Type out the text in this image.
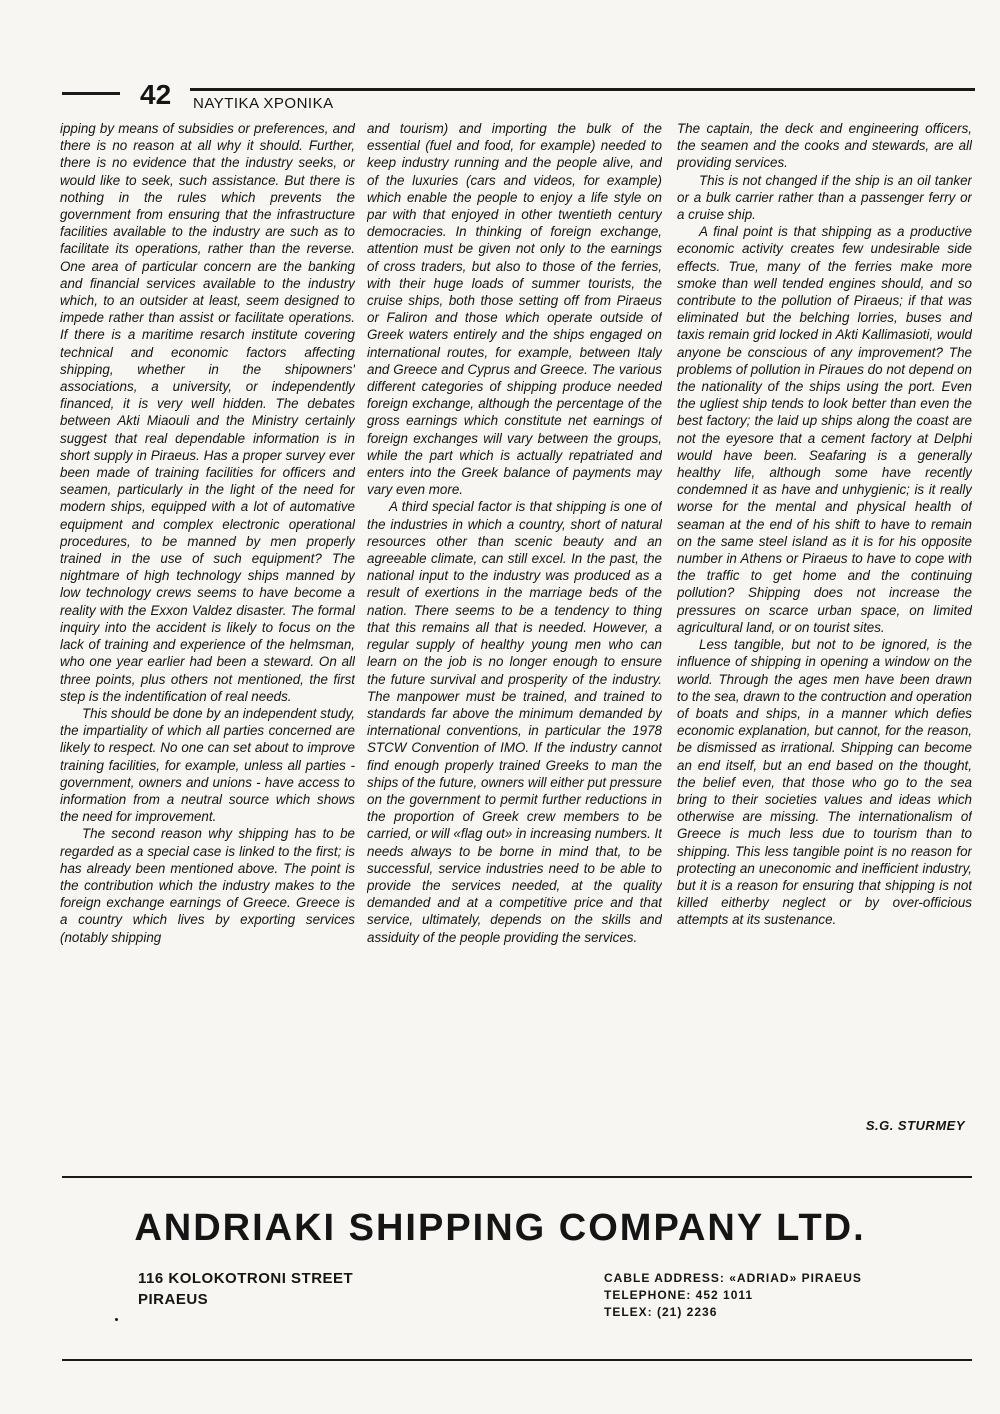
42 ΝΑΥΤΙΚΑ ΧΡΟΝΙΚΑ

ipping by means of subsidies or preferences, and there is no reason at all why it should. Further, there is no evidence that the industry seeks, or would like to seek, such assistance. But there is nothing in the rules which prevents the government from ensuring that the infrastructure facilities available to the industry are such as to facilitate its operations, rather than the reverse. One area of particular concern are the banking and financial services available to the industry which, to an outsider at least, seem designed to impede rather than assist or facilitate operations. If there is a maritime resarch institute covering technical and economic factors affecting shipping, whether in the shipowners' associations, a university, or independently financed, it is very well hidden. The debates between Akti Miaouli and the Ministry certainly suggest that real dependable information is in short supply in Piraeus. Has a proper survey ever been made of training facilities for officers and seamen, particularly in the light of the need for modern ships, equipped with a lot of automative equipment and complex electronic operational procedures, to be manned by men properly trained in the use of such equipment? The nightmare of high technology ships manned by low technology crews seems to have become a reality with the Exxon Valdez disaster. The formal inquiry into the accident is likely to focus on the lack of training and experience of the helmsman, who one year earlier had been a steward. On all three points, plus others not mentioned, the first step is the indentification of real needs.

This should be done by an independent study, the impartiality of which all parties concerned are likely to respect. No one can set about to improve training facilities, for example, unless all parties - government, owners and unions - have access to information from a neutral source which shows the need for improvement.

The second reason why shipping has to be regarded as a special case is linked to the first; is has already been mentioned above. The point is the contribution which the industry makes to the foreign exchange earnings of Greece. Greece is a country which lives by exporting services (notably shipping

and tourism) and importing the bulk of the essential (fuel and food, for example) needed to keep industry running and the people alive, and of the luxuries (cars and videos, for example) which enable the people to enjoy a life style on par with that enjoyed in other twentieth century democracies. In thinking of foreign exchange, attention must be given not only to the earnings of cross traders, but also to those of the ferries, with their huge loads of summer tourists, the cruise ships, both those setting off from Piraeus or Faliron and those which operate outside of Greek waters entirely and the ships engaged on international routes, for example, between Italy and Greece and Cyprus and Greece. The various different categories of shipping produce needed foreign exchange, although the percentage of the gross earnings which constitute net earnings of foreign exchanges will vary between the groups, while the part which is actually repatriated and enters into the Greek balance of payments may vary even more.

A third special factor is that shipping is one of the industries in which a country, short of natural resources other than scenic beauty and an agreeable climate, can still excel. In the past, the national input to the industry was produced as a result of exertions in the marriage beds of the nation. There seems to be a tendency to thing that this remains all that is needed. However, a regular supply of healthy young men who can learn on the job is no longer enough to ensure the future survival and prosperity of the industry. The manpower must be trained, and trained to standards far above the minimum demanded by international conventions, in particular the 1978 STCW Convention of IMO. If the industry cannot find enough properly trained Greeks to man the ships of the future, owners will either put pressure on the government to permit further reductions in the proportion of Greek crew members to be carried, or will «flag out» in increasing numbers. It needs always to be borne in mind that, to be successful, service industries need to be able to provide the services needed, at the quality demanded and at a competitive price and that service, ultimately, depends on the skills and assiduity of the people providing the services.

The captain, the deck and engineering officers, the seamen and the cooks and stewards, are all providing services.

This is not changed if the ship is an oil tanker or a bulk carrier rather than a passenger ferry or a cruise ship.

A final point is that shipping as a productive economic activity creates few undesirable side effects. True, many of the ferries make more smoke than well tended engines should, and so contribute to the pollution of Piraeus; if that was eliminated but the belching lorries, buses and taxis remain grid locked in Akti Kallimasioti, would anyone be conscious of any improvement? The problems of pollution in Piraues do not depend on the nationality of the ships using the port. Even the ugliest ship tends to look better than even the best factory; the laid up ships along the coast are not the eyesore that a cement factory at Delphi would have been. Seafaring is a generally healthy life, although some have recently condemned it as have and unhygienic; is it really worse for the mental and physical health of seaman at the end of his shift to have to remain on the same steel island as it is for his opposite number in Athens or Piraeus to have to cope with the traffic to get home and the continuing pollution? Shipping does not increase the pressures on scarce urban space, on limited agricultural land, or on tourist sites.

Less tangible, but not to be ignored, is the influence of shipping in opening a window on the world. Through the ages men have been drawn to the sea, drawn to the contruction and operation of boats and ships, in a manner which defies economic explanation, but cannot, for the reason, be dismissed as irrational. Shipping can become an end itself, but an end based on the thought, the belief even, that those who go to the sea bring to their societies values and ideas which otherwise are missing. The internationalism of Greece is much less due to tourism than to shipping. This less tangible point is no reason for protecting an uneconomic and inefficient industry, but it is a reason for ensuring that shipping is not killed eitherby neglect or by over-officious attempts at its sustenance.

S.G. STURMEY
ANDRIAKI SHIPPING COMPANY LTD.
116 KOLOKOTRONI STREET
PIRAEUS
CABLE ADDRESS: «ADRIAD» PIRAEUS
TELEPHONE: 452 1011
TELEX: (21) 2236
